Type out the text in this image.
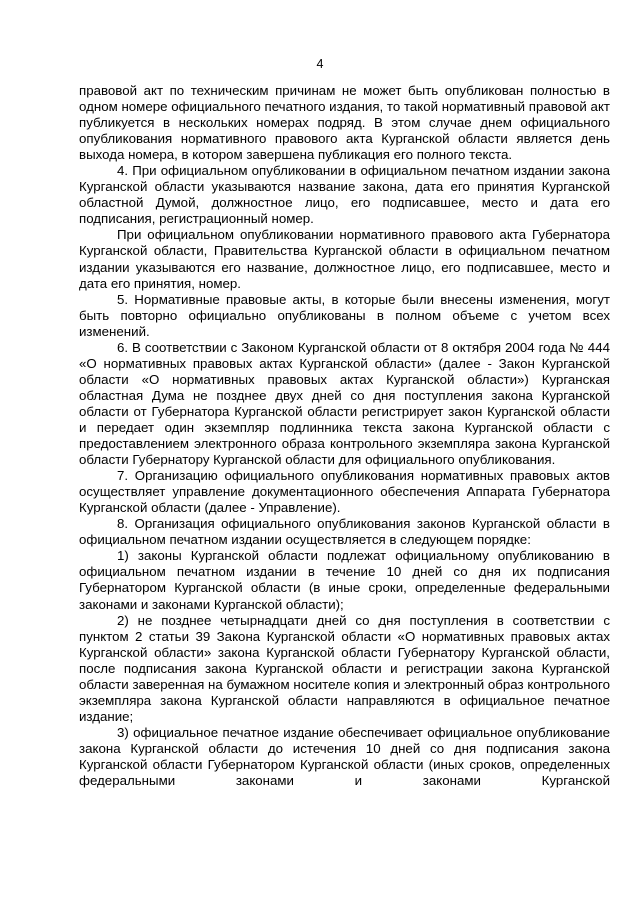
4

правовой акт по техническим причинам не может быть опубликован полностью в одном номере официального печатного издания, то такой нормативный правовой акт публикуется в нескольких номерах подряд. В этом случае днем официального опубликования нормативного правового акта Курганской области является день выхода номера, в котором завершена публикация его полного текста.

4. При официальном опубликовании в официальном печатном издании закона Курганской области указываются название закона, дата его принятия Курганской областной Думой, должностное лицо, его подписавшее, место и дата его подписания, регистрационный номер.

При официальном опубликовании нормативного правового акта Губернатора Курганской области, Правительства Курганской области в официальном печатном издании указываются его название, должностное лицо, его подписавшее, место и дата его принятия, номер.

5. Нормативные правовые акты, в которые были внесены изменения, могут быть повторно официально опубликованы в полном объеме с учетом всех изменений.

6. В соответствии с Законом Курганской области от 8 октября 2004 года № 444 «О нормативных правовых актах Курганской области» (далее - Закон Курганской области «О нормативных правовых актах Курганской области») Курганская областная Дума не позднее двух дней со дня поступления закона Курганской области от Губернатора Курганской области регистрирует закон Курганской области и передает один экземпляр подлинника текста закона Курганской области с предоставлением электронного образа контрольного экземпляра закона Курганской области Губернатору Курганской области для официального опубликования.

7. Организацию официального опубликования нормативных правовых актов осуществляет управление документационного обеспечения Аппарата Губернатора Курганской области (далее - Управление).

8. Организация официального опубликования законов Курганской области в официальном печатном издании осуществляется в следующем порядке:

1) законы Курганской области подлежат официальному опубликованию в официальном печатном издании в течение 10 дней со дня их подписания Губернатором Курганской области (в иные сроки, определенные федеральными законами и законами Курганской области);

2) не позднее четырнадцати дней со дня поступления в соответствии с пунктом 2 статьи 39 Закона Курганской области «О нормативных правовых актах Курганской области» закона Курганской области Губернатору Курганской области, после подписания закона Курганской области и регистрации закона Курганской области заверенная на бумажном носителе копия и электронный образ контрольного экземпляра закона Курганской области направляются в официальное печатное издание;

3) официальное печатное издание обеспечивает официальное опубликование закона Курганской области до истечения 10 дней со дня подписания закона Курганской области Губернатором Курганской области (иных сроков, определенных федеральными законами и законами Курганской
